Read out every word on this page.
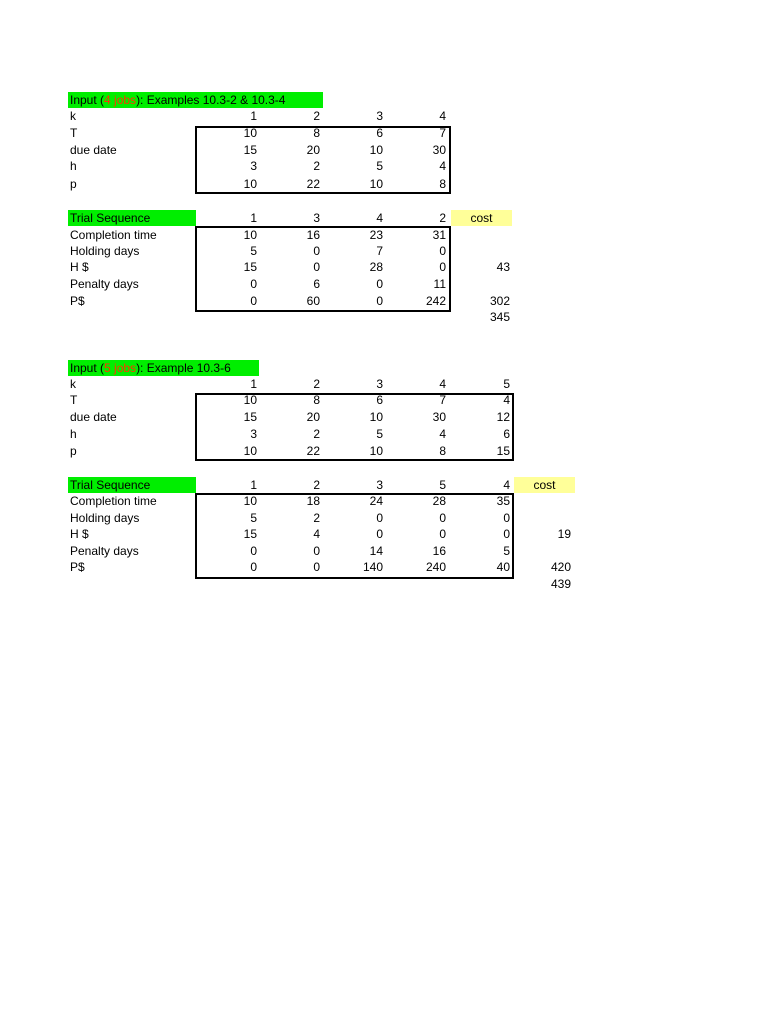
Input (4 jobs): Examples 10.3-2 & 10.3-4
k	1	2	3	4
T	10	8	6	7
due date	15	20	10	30
h	3	2	5	4
p	10	22	10	8
Trial Sequence	1	3	4	2	cost
Completion time	10	16	23	31
Holding days	5	0	7	0
H $	15	0	28	0	43
Penalty days	0	6	0	11
P$	0	60	0	242	302
345
Input (5 jobs): Example 10.3-6
k	1	2	3	4	5
T	10	8	6	7	4
due date	15	20	10	30	12
h	3	2	5	4	6
p	10	22	10	8	15
Trial Sequence	1	2	3	5	4	cost
Completion time	10	18	24	28	35
Holding days	5	2	0	0	0
H $	15	4	0	0	0	19
Penalty days	0	0	14	16	5
P$	0	0	140	240	40	420
439
